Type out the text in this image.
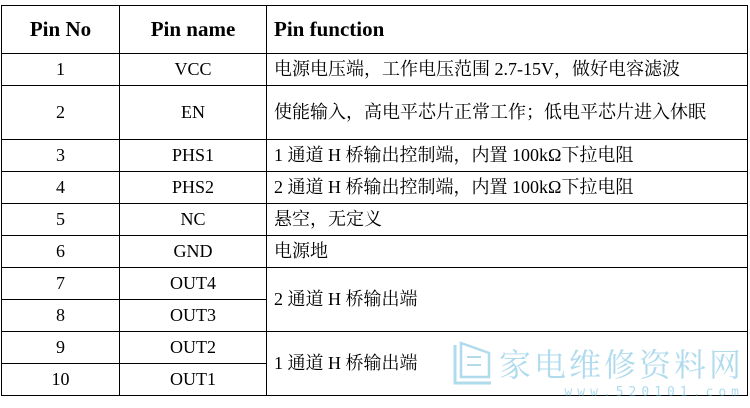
Pin No	Pin name	Pin function
1	VCC	电源电压端，工作电压范围 2.7-15V，做好电容滤波
2	EN	使能输入，高电平芯片正常工作；低电平芯片进入休眠
3	PHS1	1 通道 H 桥输出控制端，内置 100kΩ下拉电阻
4	PHS2	2 通道 H 桥输出控制端，内置 100kΩ下拉电阻
5	NC	悬空，无定义
6	GND	电源地
7	OUT4	2 通道 H 桥输出端
8	OUT3	
9	OUT2	1 通道 H 桥输出端
10	OUT1		家电维修资料网
www.520101.com
